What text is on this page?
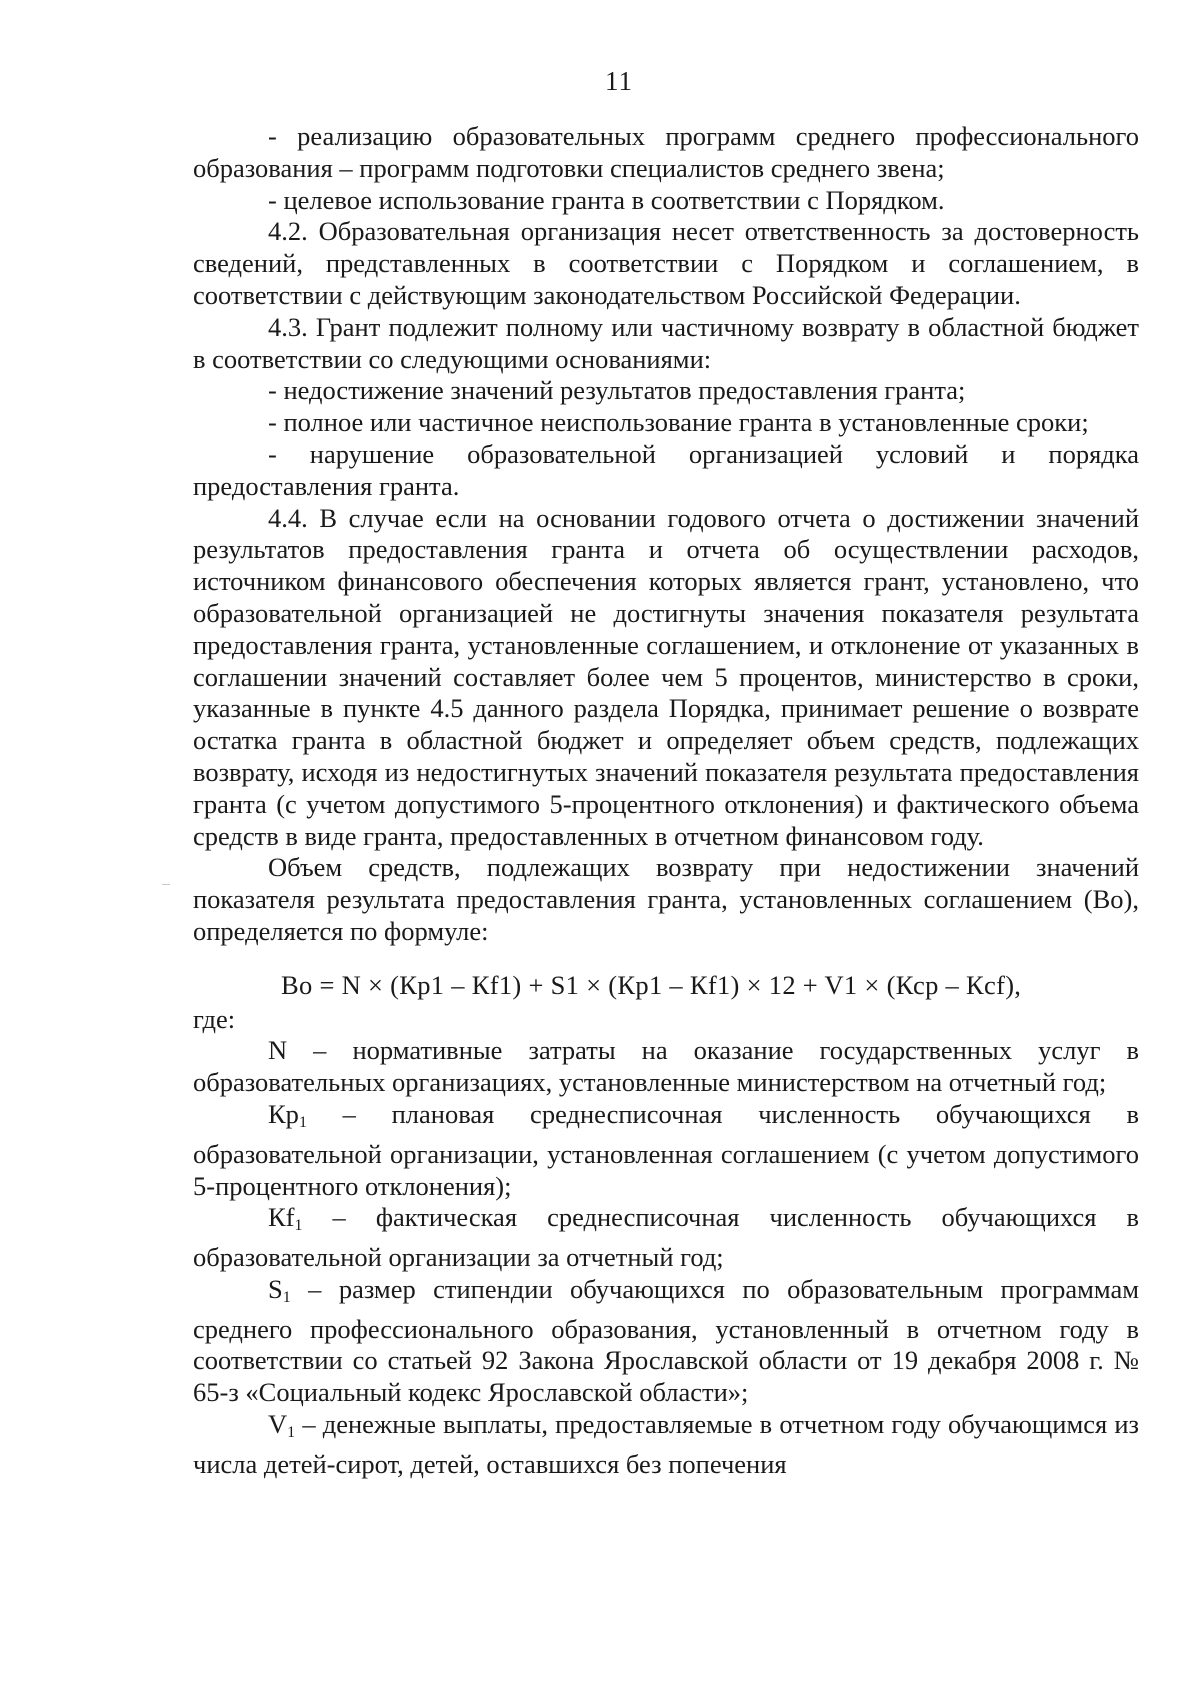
11

- реализацию образовательных программ среднего профессионального образования – программ подготовки специалистов среднего звена;

- целевое использование гранта в соответствии с Порядком.

4.2. Образовательная организация несет ответственность за достоверность сведений, представленных в соответствии с Порядком и соглашением, в соответствии с действующим законодательством Российской Федерации.

4.3. Грант подлежит полному или частичному возврату в областной бюджет в соответствии со следующими основаниями:

- недостижение значений результатов предоставления гранта;

- полное или частичное неиспользование гранта в установленные сроки;

- нарушение образовательной организацией условий и порядка предоставления гранта.

4.4. В случае если на основании годового отчета о достижении значений результатов предоставления гранта и отчета об осуществлении расходов, источником финансового обеспечения которых является грант, установлено, что образовательной организацией не достигнуты значения показателя результата предоставления гранта, установленные соглашением, и отклонение от указанных в соглашении значений составляет более чем 5 процентов, министерство в сроки, указанные в пункте 4.5 данного раздела Порядка, принимает решение о возврате остатка гранта в областной бюджет и определяет объем средств, подлежащих возврату, исходя из недостигнутых значений показателя результата предоставления гранта (с учетом допустимого 5-процентного отклонения) и фактического объема средств в виде гранта, предоставленных в отчетном финансовом году.

Объем средств, подлежащих возврату при недостижении значений показателя результата предоставления гранта, установленных соглашением (Во), определяется по формуле:

Во = N × (Кр1 – Кf1) + S1 × (Кр1 – Кf1) × 12 + V1 × (Кср – Кcf),

где:

N – нормативные затраты на оказание государственных услуг в образовательных организациях, установленные министерством на отчетный год;

$Кр_1$ – плановая среднесписочная численность обучающихся в образовательной организации, установленная соглашением (с учетом допустимого 5-процентного отклонения);

$Кf_1$ – фактическая среднесписочная численность обучающихся в образовательной организации за отчетный год;

$S_1$ – размер стипендии обучающихся по образовательным программам среднего профессионального образования, установленный в отчетном году в соответствии со статьей 92 Закона Ярославской области от 19 декабря 2008 г. № 65-з «Социальный кодекс Ярославской области»;

$V_1$ – денежные выплаты, предоставляемые в отчетном году обучающимся из числа детей-сирот, детей, оставшихся без попечения
